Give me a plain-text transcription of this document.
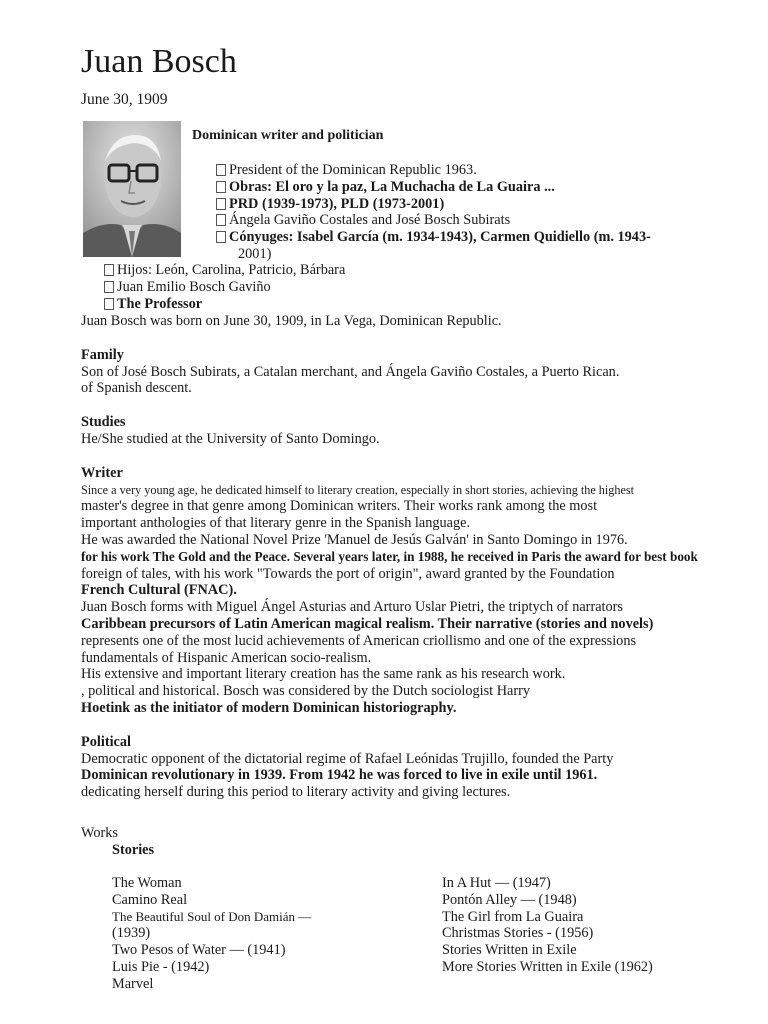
Juan Bosch
June 30, 1909
Dominican writer and politician
President of the Dominican Republic 1963.
Obras: El oro y la paz, La Muchacha de La Guaira ...
PRD (1939-1973), PLD (1973-2001)
Ángela Gaviño Costales and José Bosch Subirats
Cónyuges: Isabel García (m. 1934-1943), Carmen Quidiello (m. 1943-
2001)
Hijos: León, Carolina, Patricio, Bárbara
Juan Emilio Bosch Gaviño
The Professor

Juan Bosch was born on June 30, 1909, in La Vega, Dominican Republic.

Family

Son of José Bosch Subirats, a Catalan merchant, and Ángela Gaviño Costales, a Puerto Rican.

of Spanish descent.

Studies

He/She studied at the University of Santo Domingo.

Writer

Since a very young age, he dedicated himself to literary creation, especially in short stories, achieving the highest

master's degree in that genre among Dominican writers. Their works rank among the most

important anthologies of that literary genre in the Spanish language.

He was awarded the National Novel Prize 'Manuel de Jesús Galván' in Santo Domingo in 1976.

for his work The Gold and the Peace. Several years later, in 1988, he received in Paris the award for best book

foreign of tales, with his work "Towards the port of origin", award granted by the Foundation

French Cultural (FNAC).

Juan Bosch forms with Miguel Ángel Asturias and Arturo Uslar Pietri, the triptych of narrators

Caribbean precursors of Latin American magical realism. Their narrative (stories and novels)

represents one of the most lucid achievements of American criollismo and one of the expressions

fundamentals of Hispanic American socio-realism.

His extensive and important literary creation has the same rank as his research work.

, political and historical. Bosch was considered by the Dutch sociologist Harry

Hoetink as the initiator of modern Dominican historiography.

Political

Democratic opponent of the dictatorial regime of Rafael Leónidas Trujillo, founded the Party

Dominican revolutionary in 1939. From 1942 he was forced to live in exile until 1961.

dedicating herself during this period to literary activity and giving lectures.

Works
Stories
The Woman
Camino Real
The Beautiful Soul of Don Damián —
(1939)
Two Pesos of Water — (1941)
Luis Pie - (1942)
Marvel
In A Hut — (1947)
Pontón Alley — (1948)
The Girl from La Guaira
Christmas Stories - (1956)
Stories Written in Exile
More Stories Written in Exile (1962)
